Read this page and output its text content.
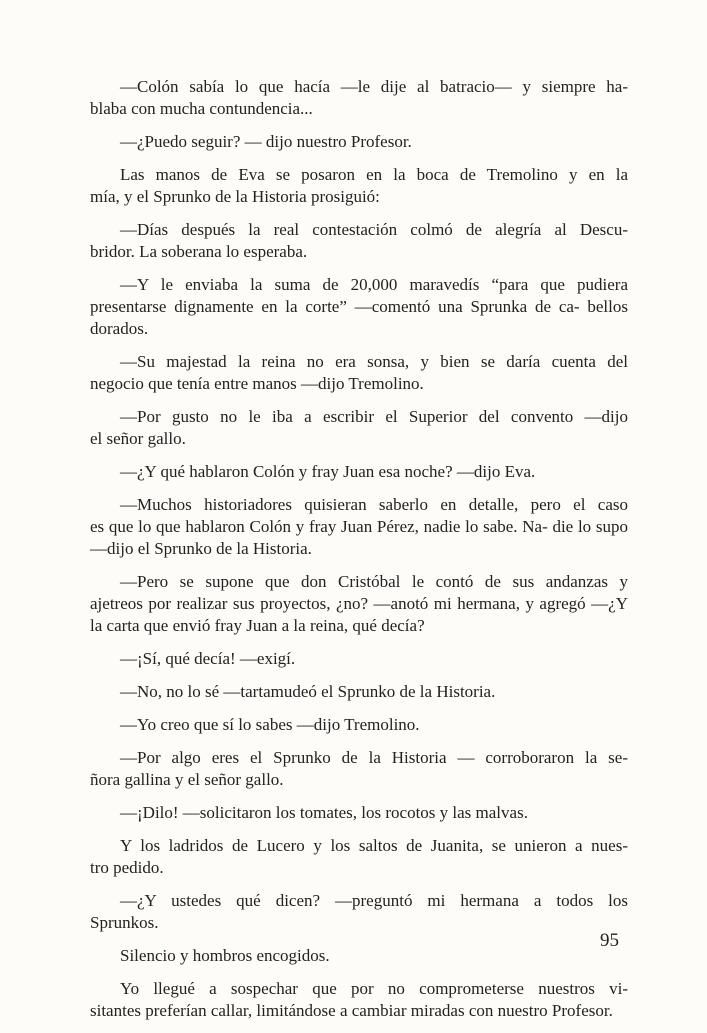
—Colón sabía lo que hacía —le dije al batracio— y siempre ha-
blaba con mucha contundencia...
—¿Puedo seguir? — dijo nuestro Profesor.
Las manos de Eva se posaron en la boca de Tremolino y en la
mía, y el Sprunko de la Historia prosiguió:
—Días después la real contestación colmó de alegría al Descu-
bridor. La soberana lo esperaba.
—Y le enviaba la suma de 20,000 maravedís “para que pudiera
presentarse dignamente en la corte” —comentó una Sprunka de ca- bellos dorados.
—Su majestad la reina no era sonsa, y bien se daría cuenta del
negocio que tenía entre manos —dijo Tremolino.
—Por gusto no le iba a escribir el Superior del convento —dijo
el señor gallo.
—¿Y qué hablaron Colón y fray Juan esa noche? —dijo Eva.
—Muchos historiadores quisieran saberlo en detalle, pero el caso
es que lo que hablaron Colón y fray Juan Pérez, nadie lo sabe. Na- die lo supo —dijo el Sprunko de la Historia.
—Pero se supone que don Cristóbal le contó de sus andanzas y
ajetreos por realizar sus proyectos, ¿no? —anotó mi hermana, y agregó —¿Y la carta que envió fray Juan a la reina, qué decía?
—¡Sí, qué decía! —exigí.
—No, no lo sé —tartamudeó el Sprunko de la Historia.
—Yo creo que sí lo sabes —dijo Tremolino.
—Por algo eres el Sprunko de la Historia — corroboraron la se-
ñora gallina y el señor gallo.
—¡Dilo! —solicitaron los tomates, los rocotos y las malvas.
Y los ladridos de Lucero y los saltos de Juanita, se unieron a nues-
tro pedido.
—¿Y ustedes qué dicen? —preguntó mi hermana a todos los
Sprunkos.
Silencio y hombros encogidos.
Yo llegué a sospechar que por no comprometerse nuestros vi-
sitantes preferían callar, limitándose a cambiar miradas con nuestro Profesor.
95
